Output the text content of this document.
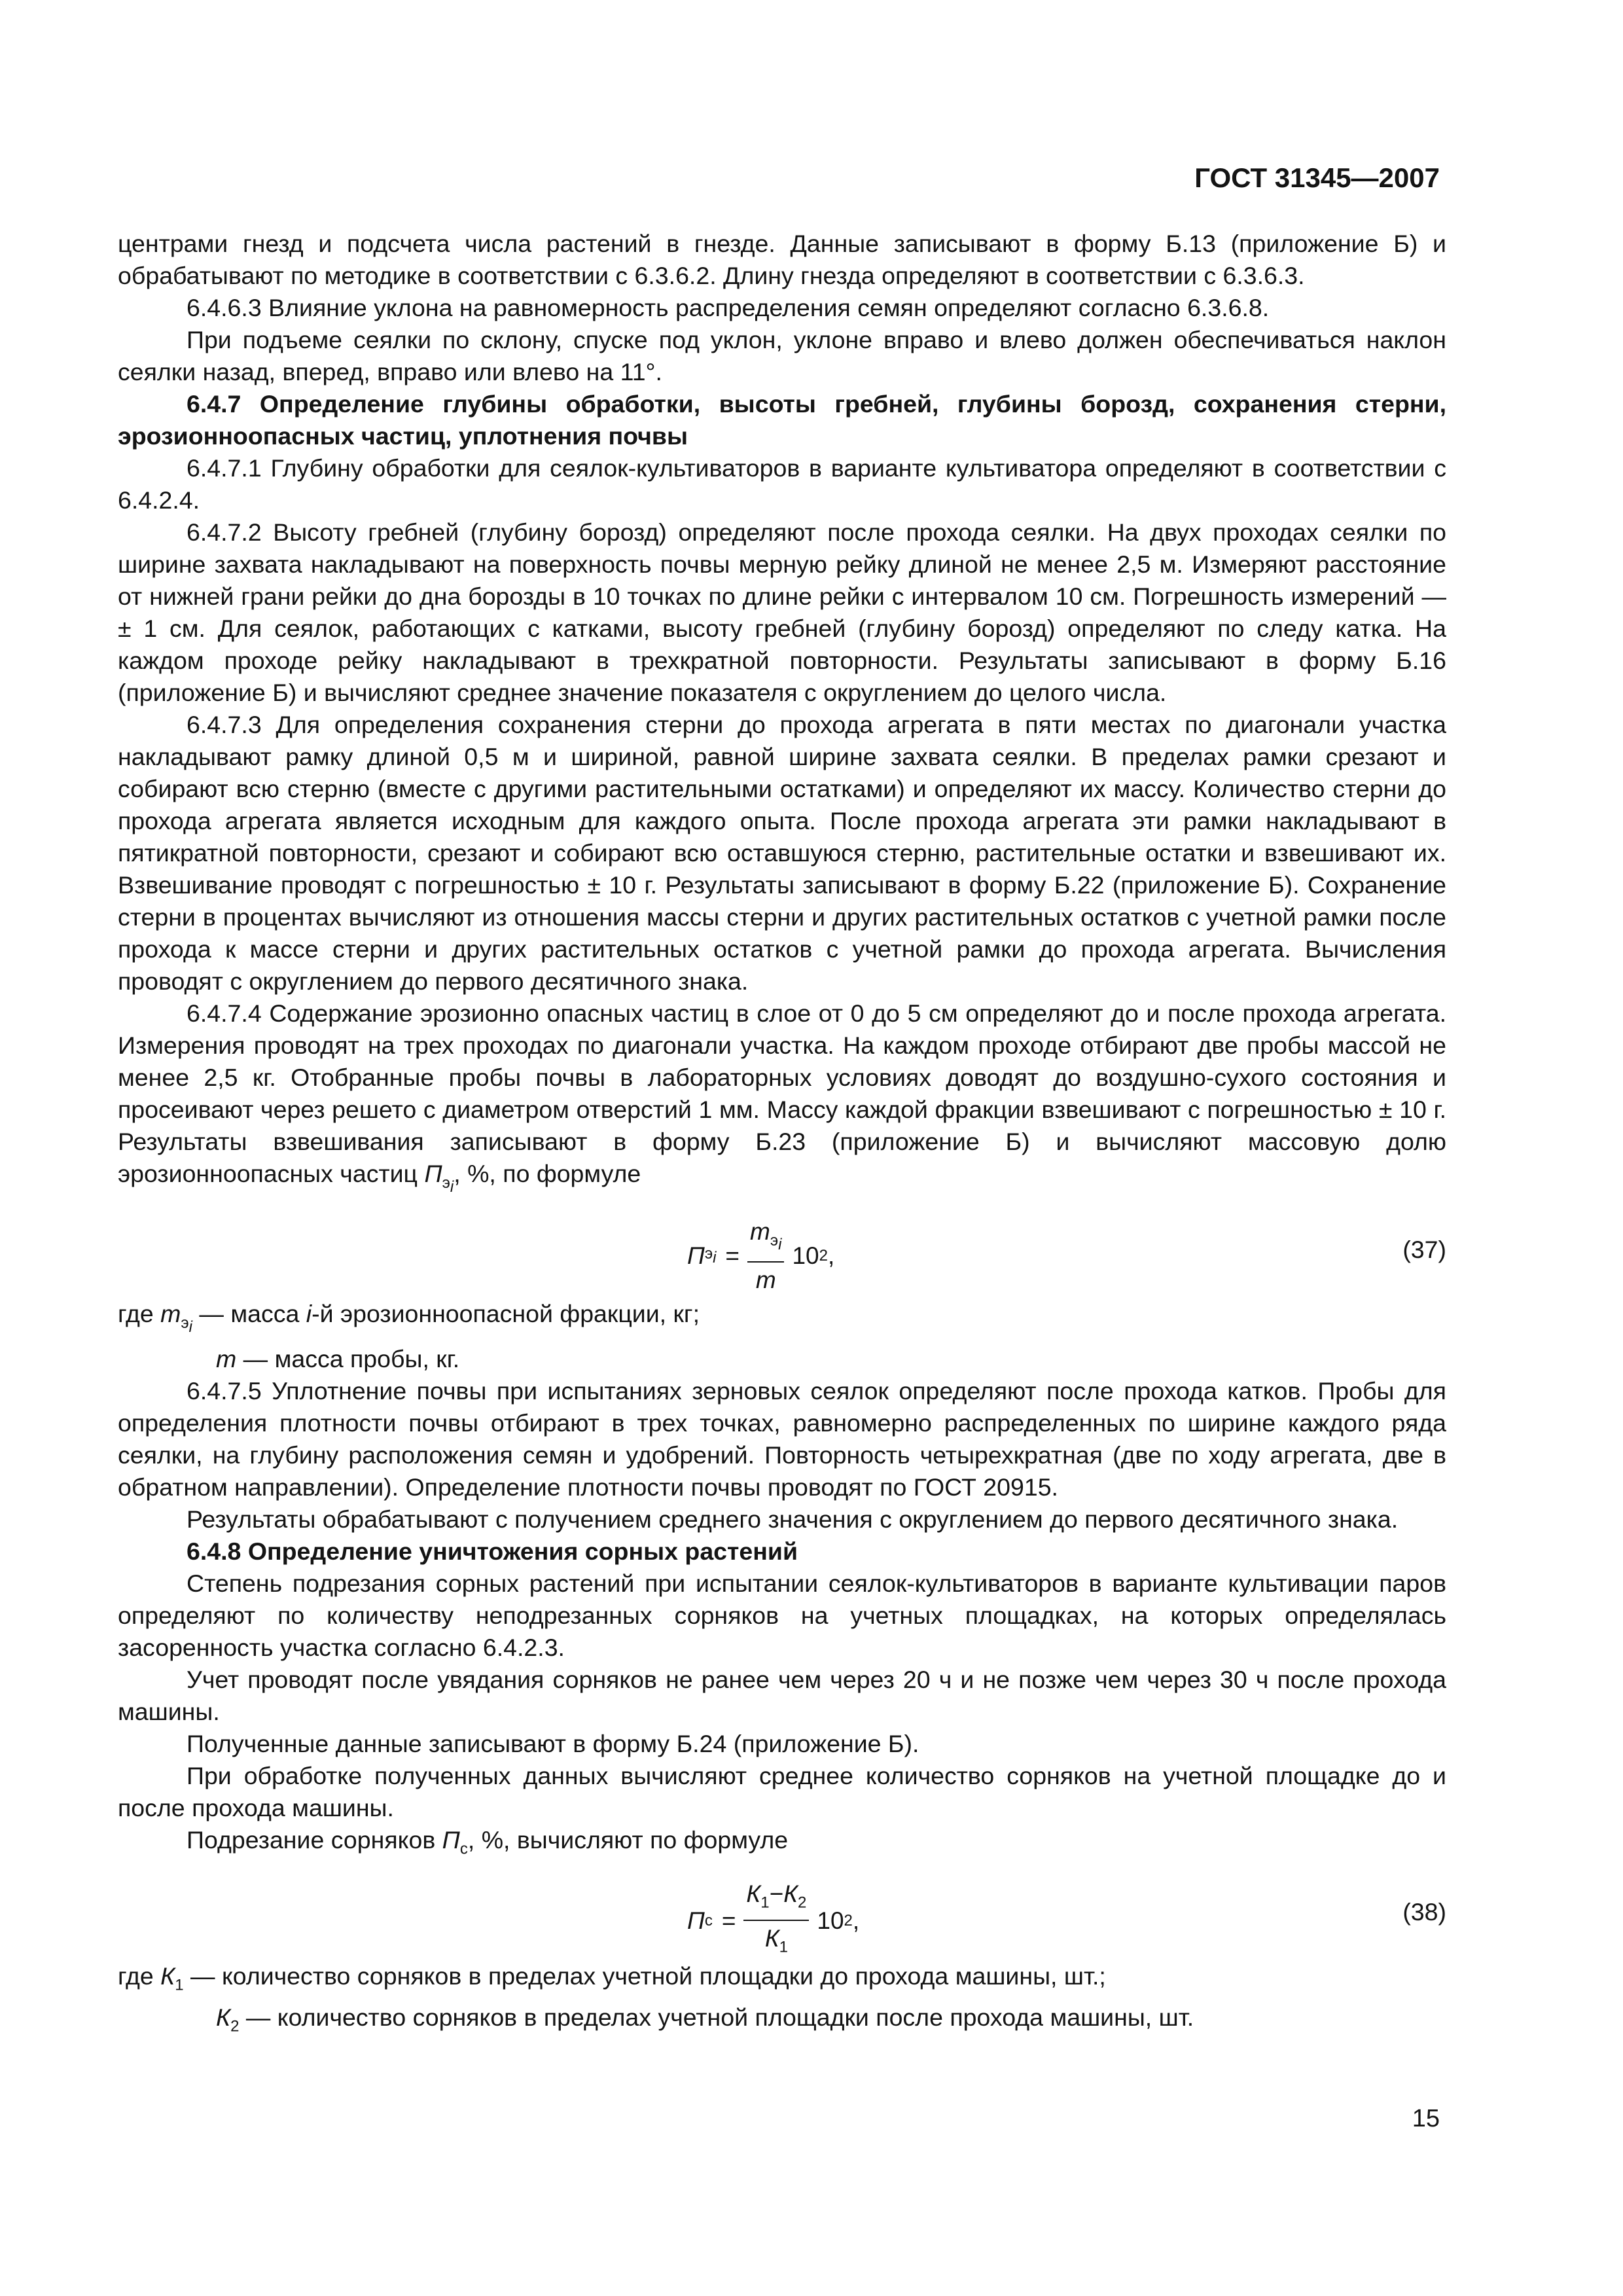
ГОСТ 31345—2007

центрами гнезд и подсчета числа растений в гнезде. Данные записывают в форму Б.13 (приложение Б) и обрабатывают по методике в соответствии с 6.3.6.2. Длину гнезда определяют в соответствии с 6.3.6.3.

6.4.6.3 Влияние уклона на равномерность распределения семян определяют согласно 6.3.6.8.

При подъеме сеялки по склону, спуске под уклон, уклоне вправо и влево должен обеспечиваться наклон сеялки назад, вперед, вправо или влево на 11°.

6.4.7 Определение глубины обработки, высоты гребней, глубины борозд, сохранения стерни, эрозионноопасных частиц, уплотнения почвы

6.4.7.1 Глубину обработки для сеялок-культиваторов в варианте культиватора определяют в соответствии с 6.4.2.4.

6.4.7.2 Высоту гребней (глубину борозд) определяют после прохода сеялки. На двух проходах сеялки по ширине захвата накладывают на поверхность почвы мерную рейку длиной не менее 2,5 м. Измеряют расстояние от нижней грани рейки до дна борозды в 10 точках по длине рейки с интервалом 10 см. Погрешность измерений — ± 1 см. Для сеялок, работающих с катками, высоту гребней (глубину борозд) определяют по следу катка. На каждом проходе рейку накладывают в трехкратной повторности. Результаты записывают в форму Б.16 (приложение Б) и вычисляют среднее значение показателя с округлением до целого числа.

6.4.7.3 Для определения сохранения стерни до прохода агрегата в пяти местах по диагонали участка накладывают рамку длиной 0,5 м и шириной, равной ширине захвата сеялки. В пределах рамки срезают и собирают всю стерню (вместе с другими растительными остатками) и определяют их массу. Количество стерни до прохода агрегата является исходным для каждого опыта. После прохода агрегата эти рамки накладывают в пятикратной повторности, срезают и собирают всю оставшуюся стерню, растительные остатки и взвешивают их. Взвешивание проводят с погрешностью ± 10 г. Результаты записывают в форму Б.22 (приложение Б). Сохранение стерни в процентах вычисляют из отношения массы стерни и других растительных остатков с учетной рамки после прохода к массе стерни и других растительных остатков с учетной рамки до прохода агрегата. Вычисления проводят с округлением до первого десятичного знака.

6.4.7.4 Содержание эрозионно опасных частиц в слое от 0 до 5 см определяют до и после прохода агрегата. Измерения проводят на трех проходах по диагонали участка. На каждом проходе отбирают две пробы массой не менее 2,5 кг. Отобранные пробы почвы в лабораторных условиях доводят до воздушно-сухого состояния и просеивают через решето с диаметром отверстий 1 мм. Массу каждой фракции взвешивают с погрешностью ± 10 г. Результаты взвешивания записывают в форму Б.23 (приложение Б) и вычисляют массовую долю эрозионноопасных частиц $П_{э_i}$, %, по формуле

П $э_i = \frac{m_{э_i}}{m} 10$ 2 ,	(37)

где $m_{э_i}$ — масса i-й эрозионноопасной фракции, кг;

m — масса пробы, кг.

6.4.7.5 Уплотнение почвы при испытаниях зерновых сеялок определяют после прохода катков. Пробы для определения плотности почвы отбирают в трех точках, равномерно распределенных по ширине каждого ряда сеялки, на глубину расположения семян и удобрений. Повторность четырехкратная (две по ходу агрегата, две в обратном направлении). Определение плотности почвы проводят по ГОСТ 20915.

Результаты обрабатывают с получением среднего значения с округлением до первого десятичного знака.

6.4.8 Определение уничтожения сорных растений

Степень подрезания сорных растений при испытании сеялок-культиваторов в варианте культивации паров определяют по количеству неподрезанных сорняков на учетных площадках, на которых определялась засоренность участка согласно 6.4.2.3.

Учет проводят после увядания сорняков не ранее чем через 20 ч и не позже чем через 30 ч после прохода машины.

Полученные данные записывают в форму Б.24 (приложение Б).

При обработке полученных данных вычисляют среднее количество сорняков на учетной площадке до и после прохода машины.

Подрезание сорняков $П_с$, %, вычисляют по формуле

П $с = \frac{К_1-К_2}{К_1} 10$ 2 ,	(38)

где $К_1$ — количество сорняков в пределах учетной площадки до прохода машины, шт.;

$К_2$ — количество сорняков в пределах учетной площадки после прохода машины, шт.

15
